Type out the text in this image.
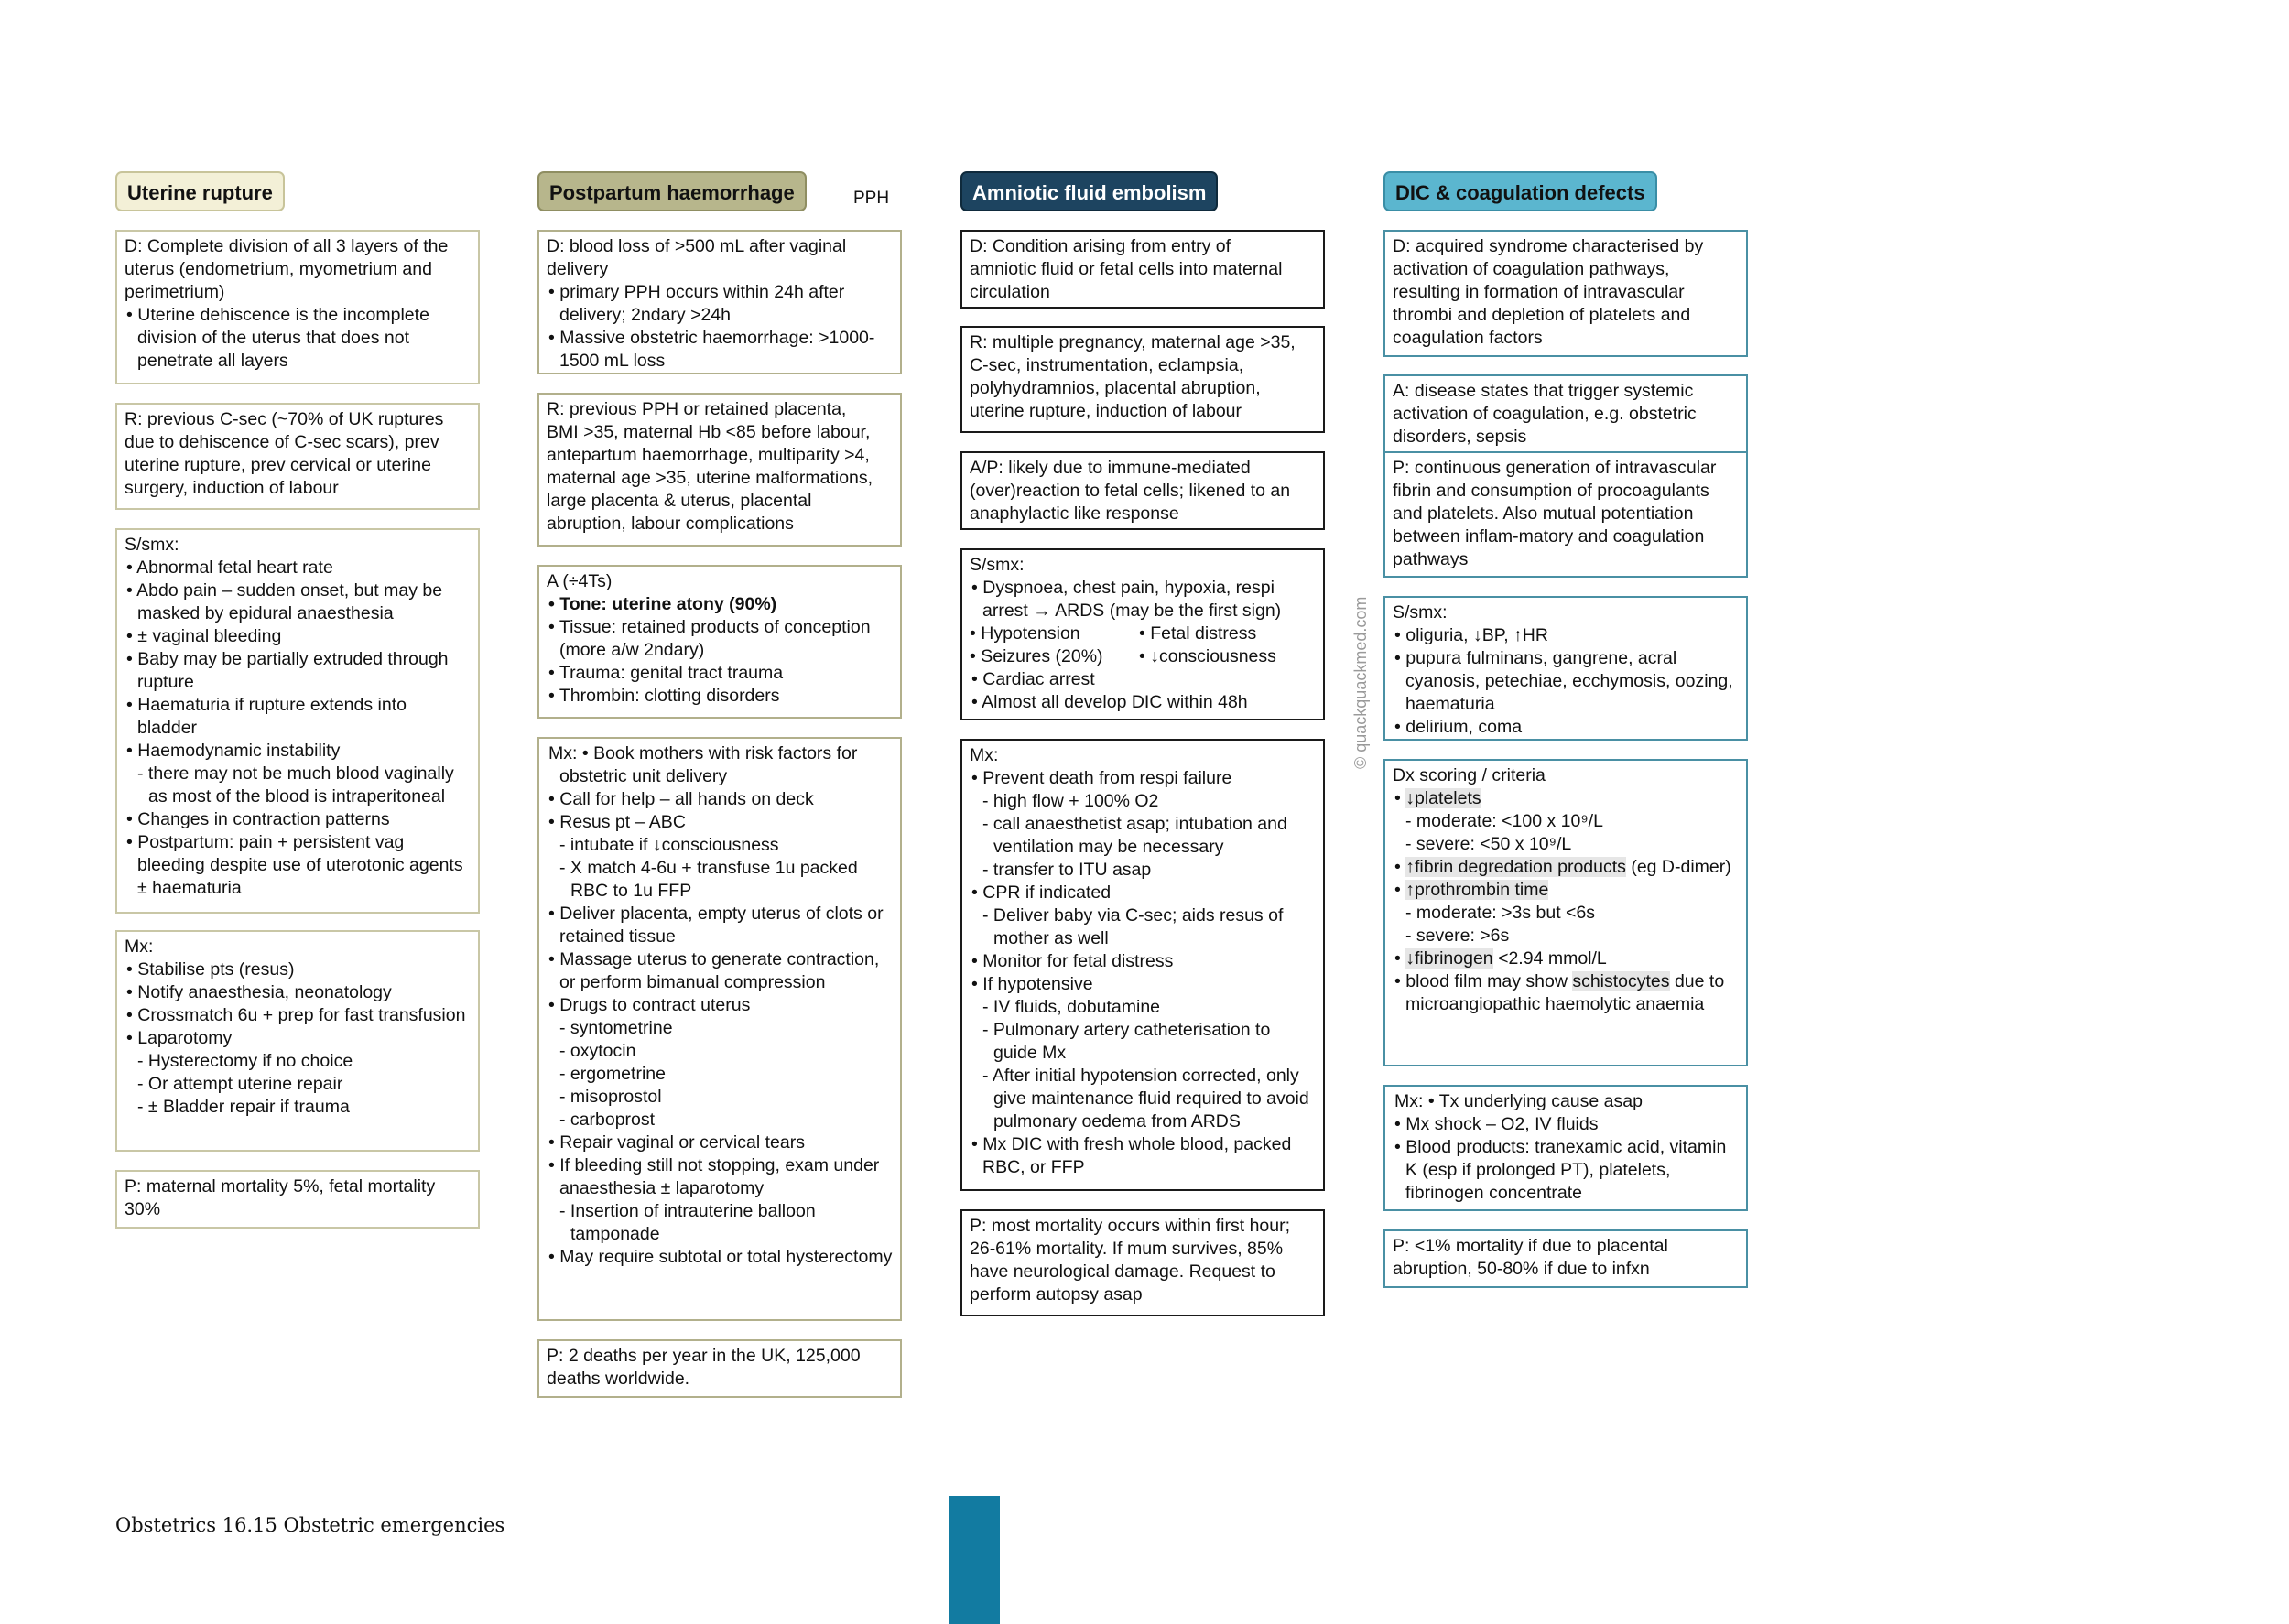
Uterine rupture	Postpartum haemorrhage	PPH	Amniotic fluid embolism	DIC & coagulation defects
D: Complete division of all 3 layers of the
uterus (endometrium, myometrium and
perimetrium)
• Uterine dehiscence is the incomplete division of the uterus that does not penetrate all layers
R: previous C-sec (~70% of UK ruptures
due to dehiscence of C-sec scars), prev
uterine rupture, prev cervical or uterine
surgery, induction of labour
S/smx:
• Abnormal fetal heart rate
• Abdo pain – sudden onset, but may be masked by epidural anaesthesia
• ± vaginal bleeding
• Baby may be partially extruded through rupture
• Haematuria if rupture extends into bladder
• Haemodynamic instability
- there may not be much blood vaginally as most of the blood is intraperitoneal
• Changes in contraction patterns
• Postpartum: pain + persistent vag bleeding despite use of uterotonic agents ± haematuria
Mx:
• Stabilise pts (resus)
• Notify anaesthesia, neonatology
• Crossmatch 6u + prep for fast transfusion
• Laparotomy
- Hysterectomy if no choice
- Or attempt uterine repair
- ± Bladder repair if trauma
P: maternal mortality 5%, fetal mortality
30%
D: blood loss of >500 mL after vaginal
delivery
• primary PPH occurs within 24h after delivery; 2ndary >24h
• Massive obstetric haemorrhage: >1000-1500 mL loss
R: previous PPH or retained placenta,
BMI >35, maternal Hb <85 before labour,
antepartum haemorrhage, multiparity >4,
maternal age >35, uterine malformations,
large placenta & uterus, placental
abruption, labour complications
A (÷4Ts)
• Tone: uterine atony (90%)
• Tissue: retained products of conception (more a/w 2ndary)
• Trauma: genital tract trauma
• Thrombin: clotting disorders
Mx: • Book mothers with risk factors for obstetric unit delivery
• Call for help – all hands on deck
• Resus pt – ABC
- intubate if ↓consciousness
- X match 4-6u + transfuse 1u packed RBC to 1u FFP
• Deliver placenta, empty uterus of clots or retained tissue
• Massage uterus to generate contraction, or perform bimanual compression
• Drugs to contract uterus
- syntometrine
- oxytocin
- ergometrine
- misoprostol
- carboprost
• Repair vaginal or cervical tears
• If bleeding still not stopping, exam under anaesthesia ± laparotomy
- Insertion of intrauterine balloon tamponade
• May require subtotal or total hysterectomy
P: 2 deaths per year in the UK, 125,000
deaths worldwide.
D: Condition arising from entry of
amniotic fluid or fetal cells into maternal
circulation
R: multiple pregnancy, maternal age >35,
C-sec, instrumentation, eclampsia,
polyhydramnios, placental abruption,
uterine rupture, induction of labour
A/P: likely due to immune-mediated
(over)reaction to fetal cells; likened to an
anaphylactic like response
S/smx:
• Dyspnoea, chest pain, hypoxia, respi arrest → ARDS (may be the first sign)
• Hypotension	• Fetal distress
• Seizures (20%) • ↓consciousness
• Cardiac arrest
• Almost all develop DIC within 48h
Mx:
• Prevent death from respi failure
- high flow + 100% O2
- call anaesthetist asap; intubation and ventilation may be necessary
- transfer to ITU asap
• CPR if indicated
- Deliver baby via C-sec; aids resus of mother as well
• Monitor for fetal distress
• If hypotensive
- IV fluids, dobutamine
- Pulmonary artery catheterisation to guide Mx
- After initial hypotension corrected, only give maintenance fluid required to avoid pulmonary oedema from ARDS
• Mx DIC with fresh whole blood, packed RBC, or FFP
P: most mortality occurs within first hour;
26-61% mortality. If mum survives, 85%
have neurological damage. Request to
perform autopsy asap
D: acquired syndrome characterised by
activation of coagulation pathways,
resulting in formation of intravascular
thrombi and depletion of platelets and
coagulation factors
A: disease states that trigger systemic
activation of coagulation, e.g. obstetric
disorders, sepsis
P: continuous generation of intravascular
fibrin and consumption of procoagulants
and platelets. Also mutual potentiation
between inflam-matory and coagulation
pathways
S/smx:
• oliguria, ↓BP, ↑HR
• pupura fulminans, gangrene, acral cyanosis, petechiae, ecchymosis, oozing, haematuria
• delirium, coma
Dx scoring / criteria
• ↓platelets
- moderate: <100 x 10⁹/L
- severe: <50 x 10⁹/L
• ↑fibrin degredation products (eg D-dimer)
• ↑prothrombin time
- moderate: >3s but <6s
- severe: >6s
• ↓fibrinogen <2.94 mmol/L
• blood film may show schistocytes due to microangiopathic haemolytic anaemia
Mx: • Tx underlying cause asap
• Mx shock – O2, IV fluids
• Blood products: tranexamic acid, vitamin K (esp if prolonged PT), platelets, fibrinogen concentrate
P: <1% mortality if due to placental
abruption, 50-80% if due to infxn
© quackquackmed.com
Obstetrics 16.15 Obstetric emergencies
